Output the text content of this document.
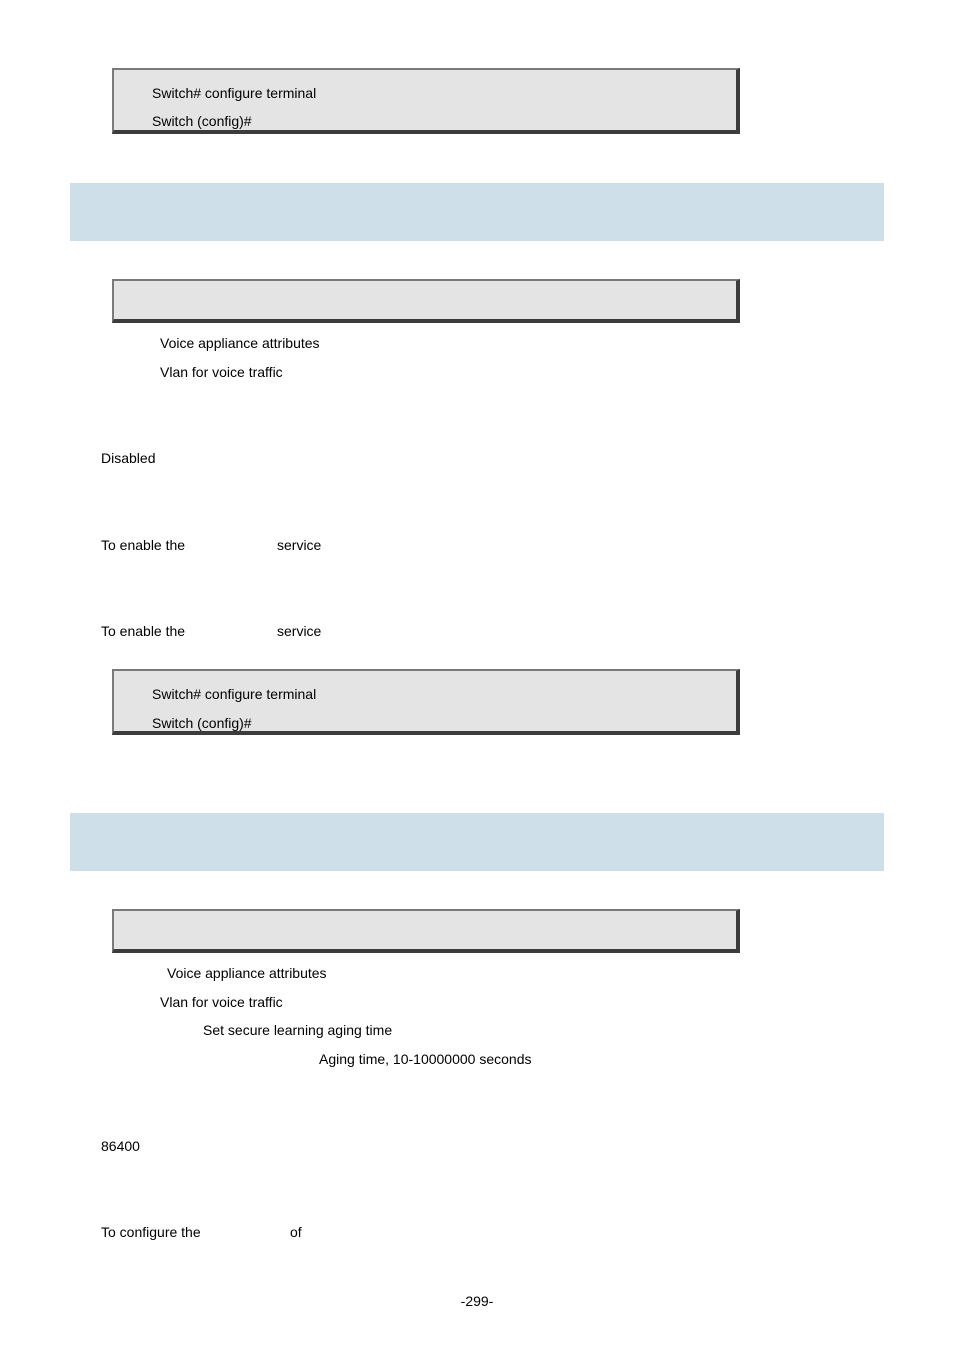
Switch# configure terminal
Switch (config)#
Voice appliance attributes
Vlan for voice traffic
Disabled
To enable the	service
To enable the	service
Switch# configure terminal
Switch (config)#
Voice appliance attributes
Vlan for voice traffic
Set secure learning aging time
Aging time, 10-10000000 seconds
86400
To configure the	of
-299-
